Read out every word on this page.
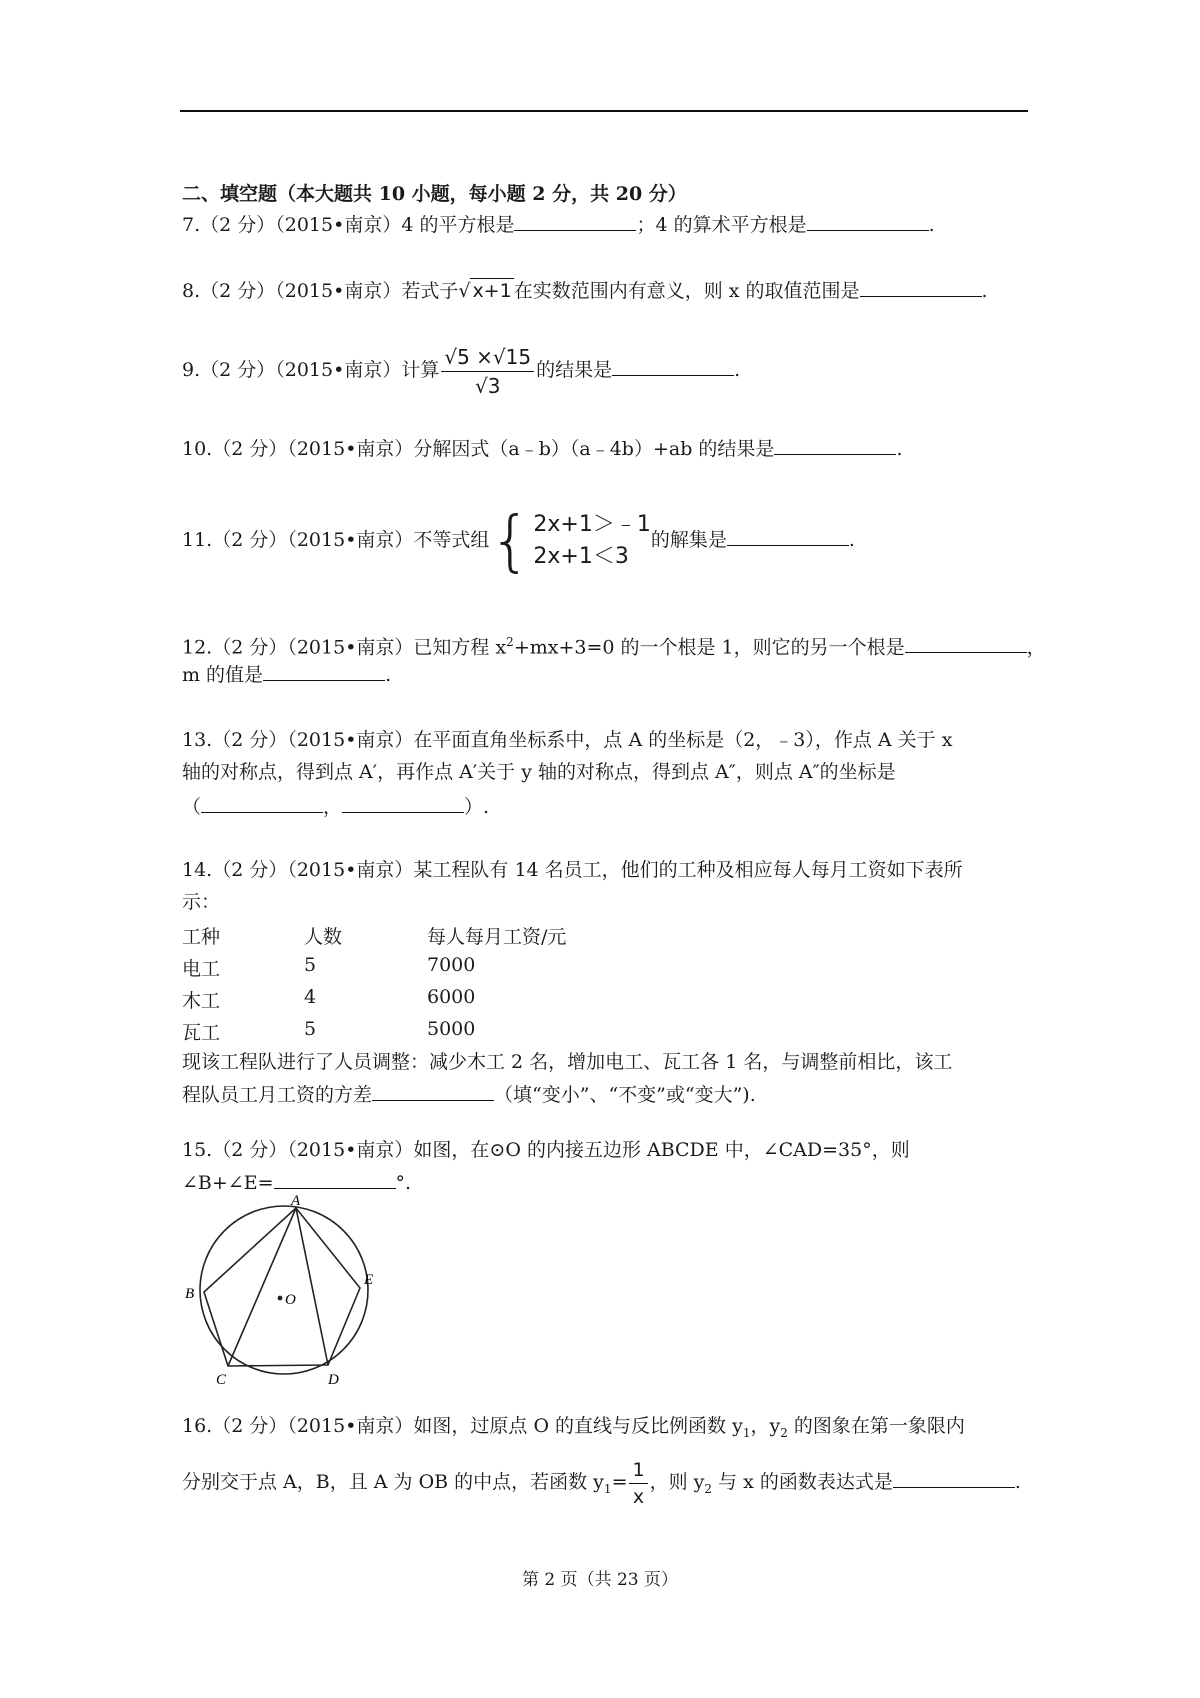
二、填空题（本大题共 10 小题，每小题 2 分，共 20 分）
7.（2 分）（2015•南京）4 的平方根是	；4 的算术平方根是	.
8.（2 分）（2015•南京）若式子√ x+1 在实数范围内有意义，则 x 的取值范围是	.
9.（2 分）（2015•南京）计算 $\frac{√5 \times√15}{√3}$ 的结果是	.
10.（2 分）（2015•南京）分解因式（a﹣b）（a﹣4b）+ab 的结果是	.
11.（2 分）（2015•南京）不等式组 { 2x+1＞﹣1
2x+1＜3
的解集是	.
12.（2 分）（2015•南京）已知方程 $x^2+mx+3=0$ 的一个根是 1，则它的另一个根是	，
m 的值是	.
13.（2 分）（2015•南京）在平面直角坐标系中，点 A 的坐标是（2，﹣3），作点 A 关于 x
轴的对称点，得到点 A′，再作点 A′关于 y 轴的对称点，得到点 A″，则点 A″的坐标是
（	，	）.
14.（2 分）（2015•南京）某工程队有 14 名员工，他们的工种及相应每人每月工资如下表所
示：
工种	人数	每人每月工资/元
电工	5	7000
木工	4	6000
瓦工	5	5000
现该工程队进行了人员调整：减少木工 2 名，增加电工、瓦工各 1 名，与调整前相比，该工
程队员工月工资的方差	（填“变小”、“不变”或“变大”).
15.（2 分）（2015•南京）如图，在⊙O 的内接五边形 ABCDE 中，∠CAD=35°，则
∠B+∠E=	°.
A
B
C	D
E
O
16.（2 分）（2015•南京）如图，过原点 O 的直线与反比例函数 $y_1$，$y_2$ 的图象在第一象限内
分别交于点 A，B，且 A 为 OB 的中点，若函数 $y_1= \frac{1}{x}$ ，则 $y_2$ 与 x 的函数表达式是	.
第 2 页（共 23 页）
